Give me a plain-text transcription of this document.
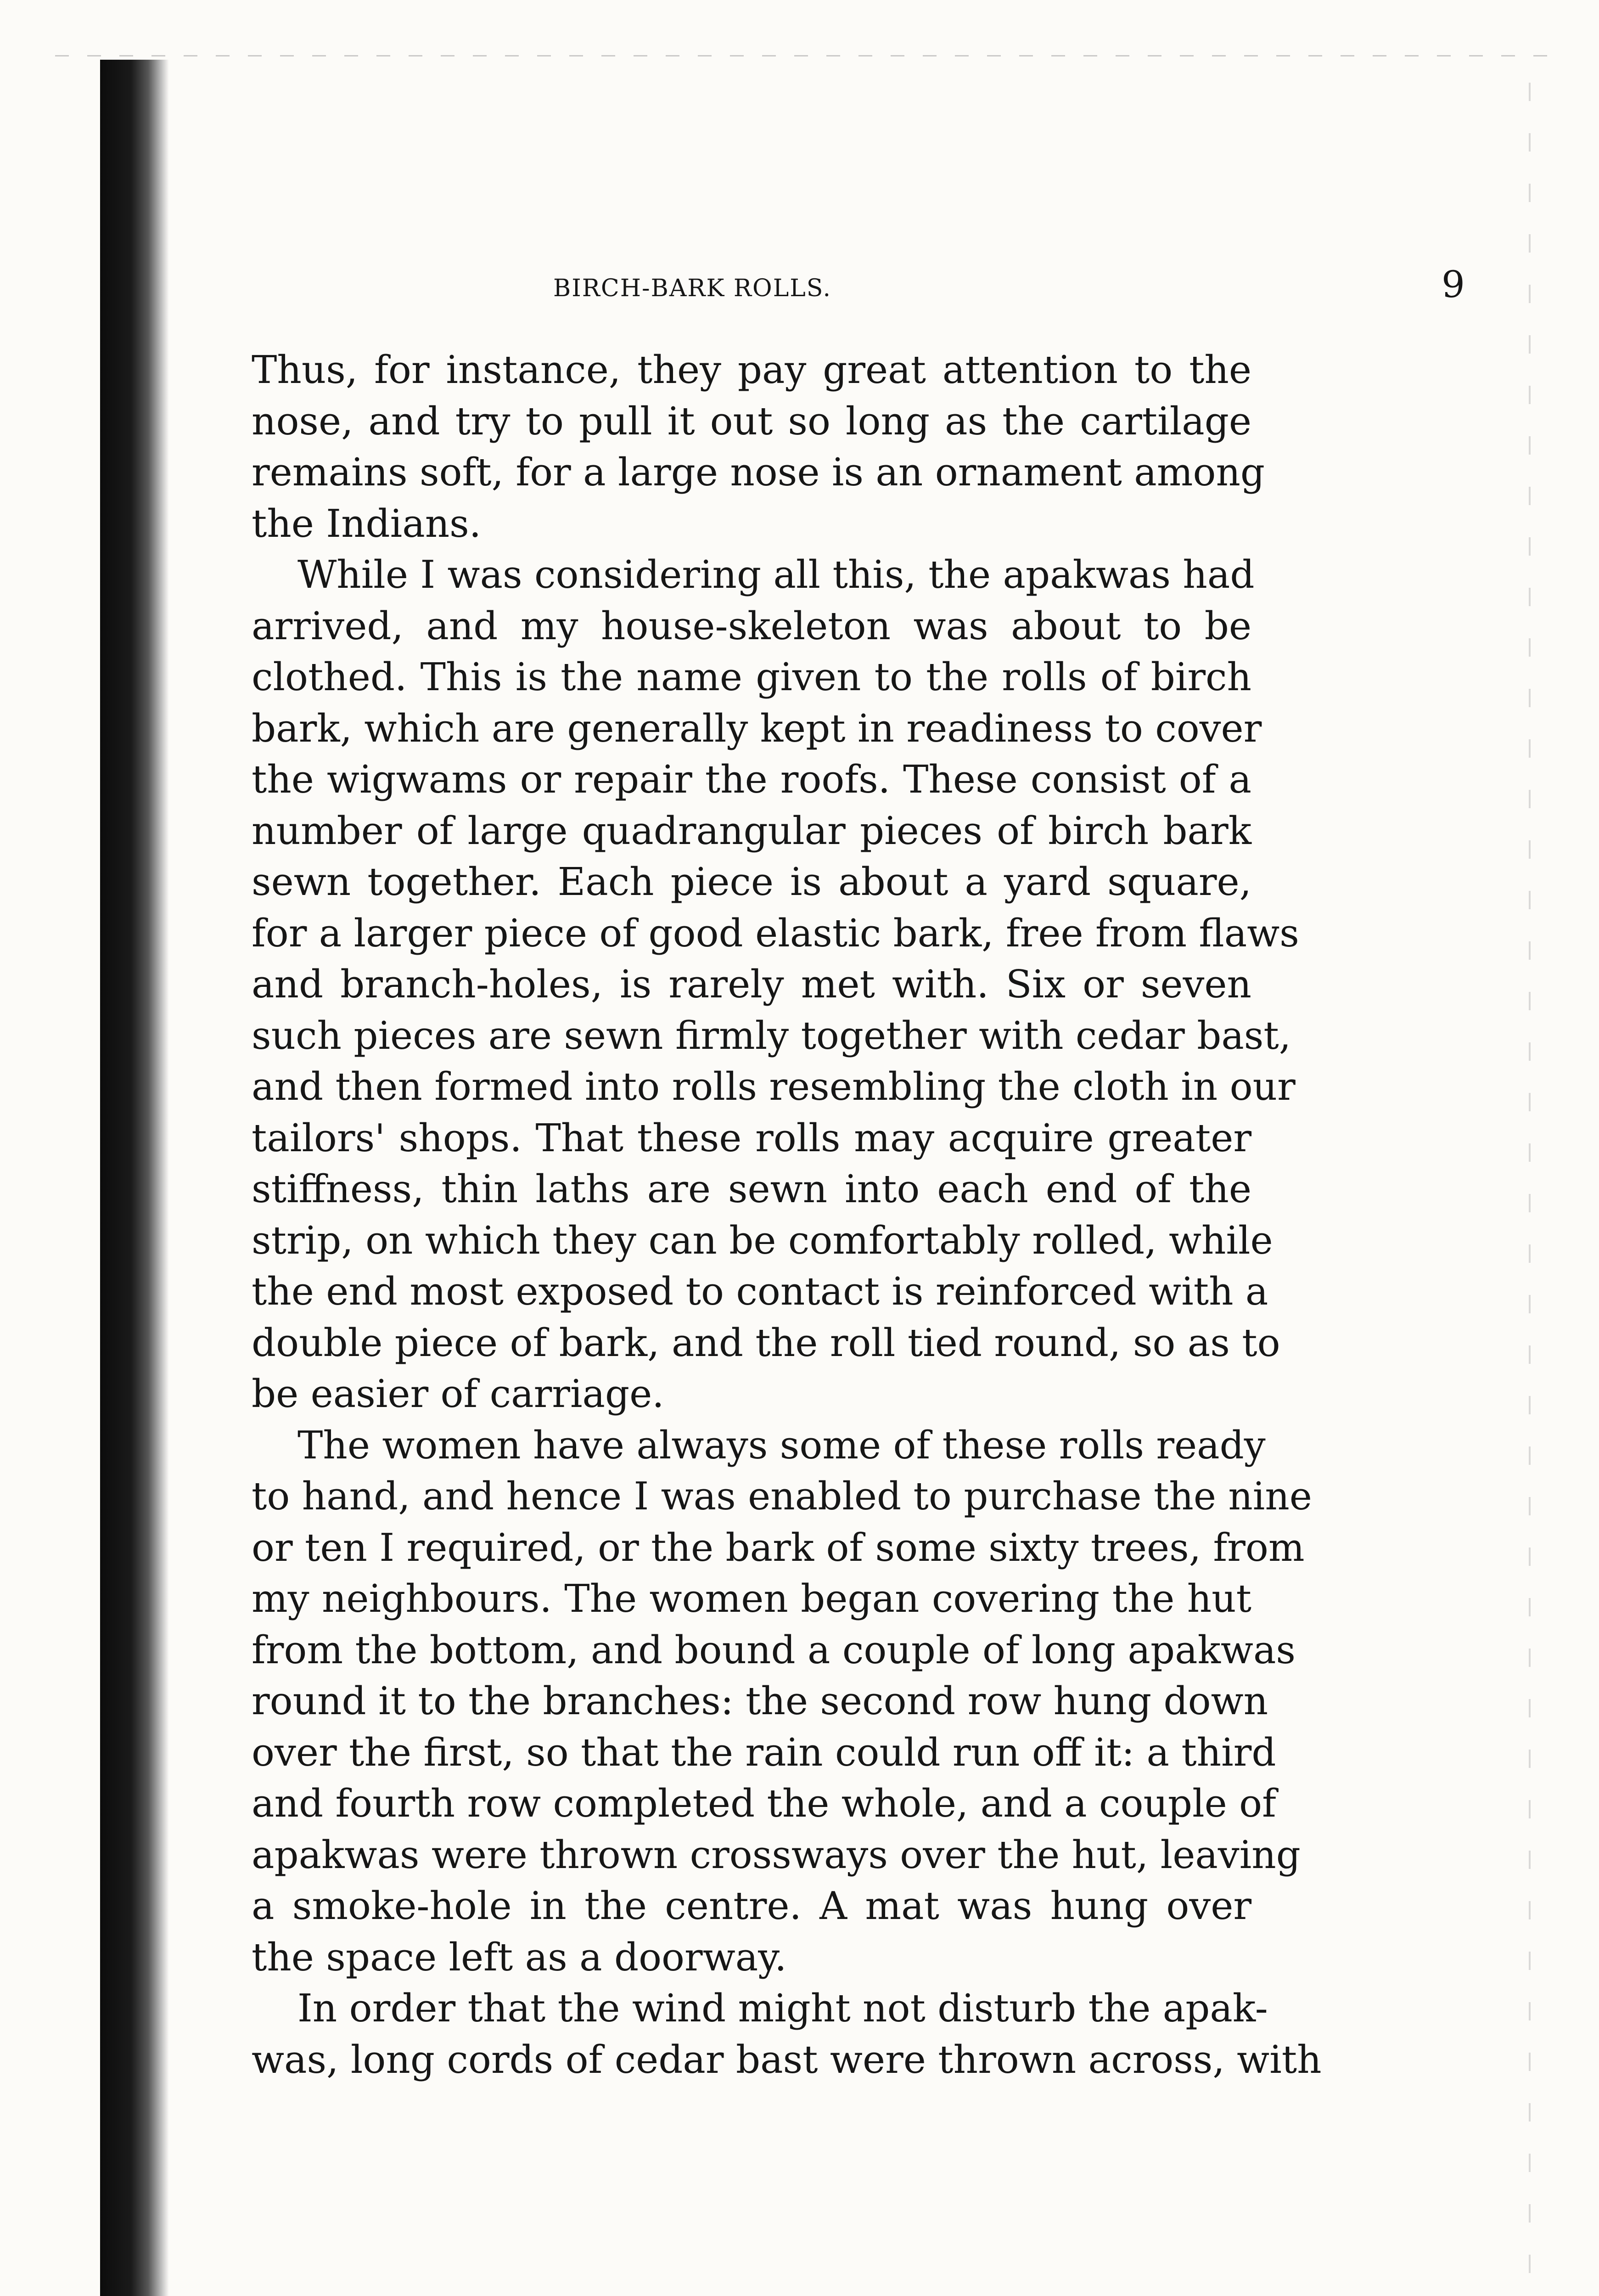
BIRCH-BARK ROLLS.	9
Thus, for instance, they pay great attention to the
nose, and try to pull it out so long as the cartilage
remains soft, for a large nose is an ornament among
the Indians.
While I was considering all this, the apakwas had
arrived, and my house-skeleton was about to be
clothed. This is the name given to the rolls of birch
bark, which are generally kept in readiness to cover
the wigwams or repair the roofs. These consist of a
number of large quadrangular pieces of birch bark
sewn together. Each piece is about a yard square,
for a larger piece of good elastic bark, free from flaws
and branch-holes, is rarely met with. Six or seven
such pieces are sewn firmly together with cedar bast,
and then formed into rolls resembling the cloth in our
tailors' shops. That these rolls may acquire greater
stiffness, thin laths are sewn into each end of the
strip, on which they can be comfortably rolled, while
the end most exposed to contact is reinforced with a
double piece of bark, and the roll tied round, so as to
be easier of carriage.
The women have always some of these rolls ready
to hand, and hence I was enabled to purchase the nine
or ten I required, or the bark of some sixty trees, from
my neighbours. The women began covering the hut
from the bottom, and bound a couple of long apakwas
round it to the branches: the second row hung down
over the first, so that the rain could run off it: a third
and fourth row completed the whole, and a couple of
apakwas were thrown crossways over the hut, leaving
a smoke-hole in the centre. A mat was hung over
the space left as a doorway.
In order that the wind might not disturb the apak-
was, long cords of cedar bast were thrown across, with
